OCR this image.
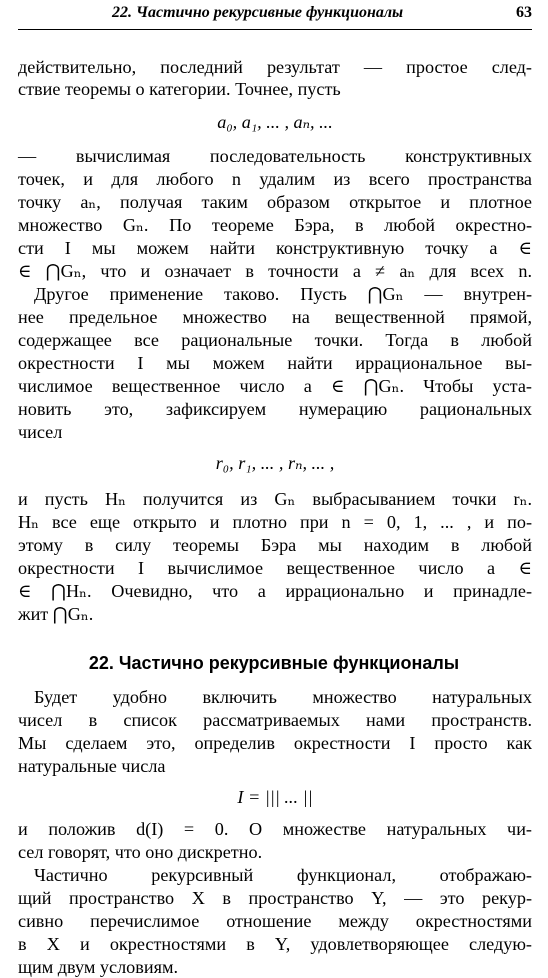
22. Частично рекурсивные функционалы	63
действительно, последний результат — простое след-
ствие теоремы о категории. Точнее, пусть
a₀, a₁, ... , aₙ, ...
— вычислимая последовательность конструктивных
точек, и для любого n удалим из всего пространства
точку aₙ, получая таким образом открытое и плотное
множество Gₙ. По теореме Бэра, в любой окрестно-
сти I мы можем найти конструктивную точку a ∈
∈ ⋂Gₙ, что и означает в точности a ≠ aₙ для всех n.
Другое применение таково. Пусть ⋂Gₙ — внутрен-
нее предельное множество на вещественной прямой,
содержащее все рациональные точки. Тогда в любой
окрестности I мы можем найти иррациональное вы-
числимое вещественное число a ∈ ⋂Gₙ. Чтобы уста-
новить это, зафиксируем нумерацию рациональных
чисел
r₀, r₁, ... , rₙ, ... ,
и пусть Hₙ получится из Gₙ выбрасыванием точки rₙ.
Hₙ все еще открыто и плотно при n = 0, 1, ... , и по-
этому в силу теоремы Бэра мы находим в любой
окрестности I вычислимое вещественное число a ∈
∈ ⋂Hₙ. Очевидно, что a иррационально и принадле-
жит ⋂Gₙ.
22. Частично рекурсивные функционалы
Будет удобно включить множество натуральных
чисел в список рассматриваемых нами пространств.
Мы сделаем это, определив окрестности I просто как
натуральные числа
I = ||| ... ||
и положив d(I) = 0. О множестве натуральных чи-
сел говорят, что оно дискретно.
Частично рекурсивный функционал, отображаю-
щий пространство X в пространство Y, — это рекур-
сивно перечислимое отношение между окрестностями
в X и окрестностями в Y, удовлетворяющее следую-
щим двум условиям.
